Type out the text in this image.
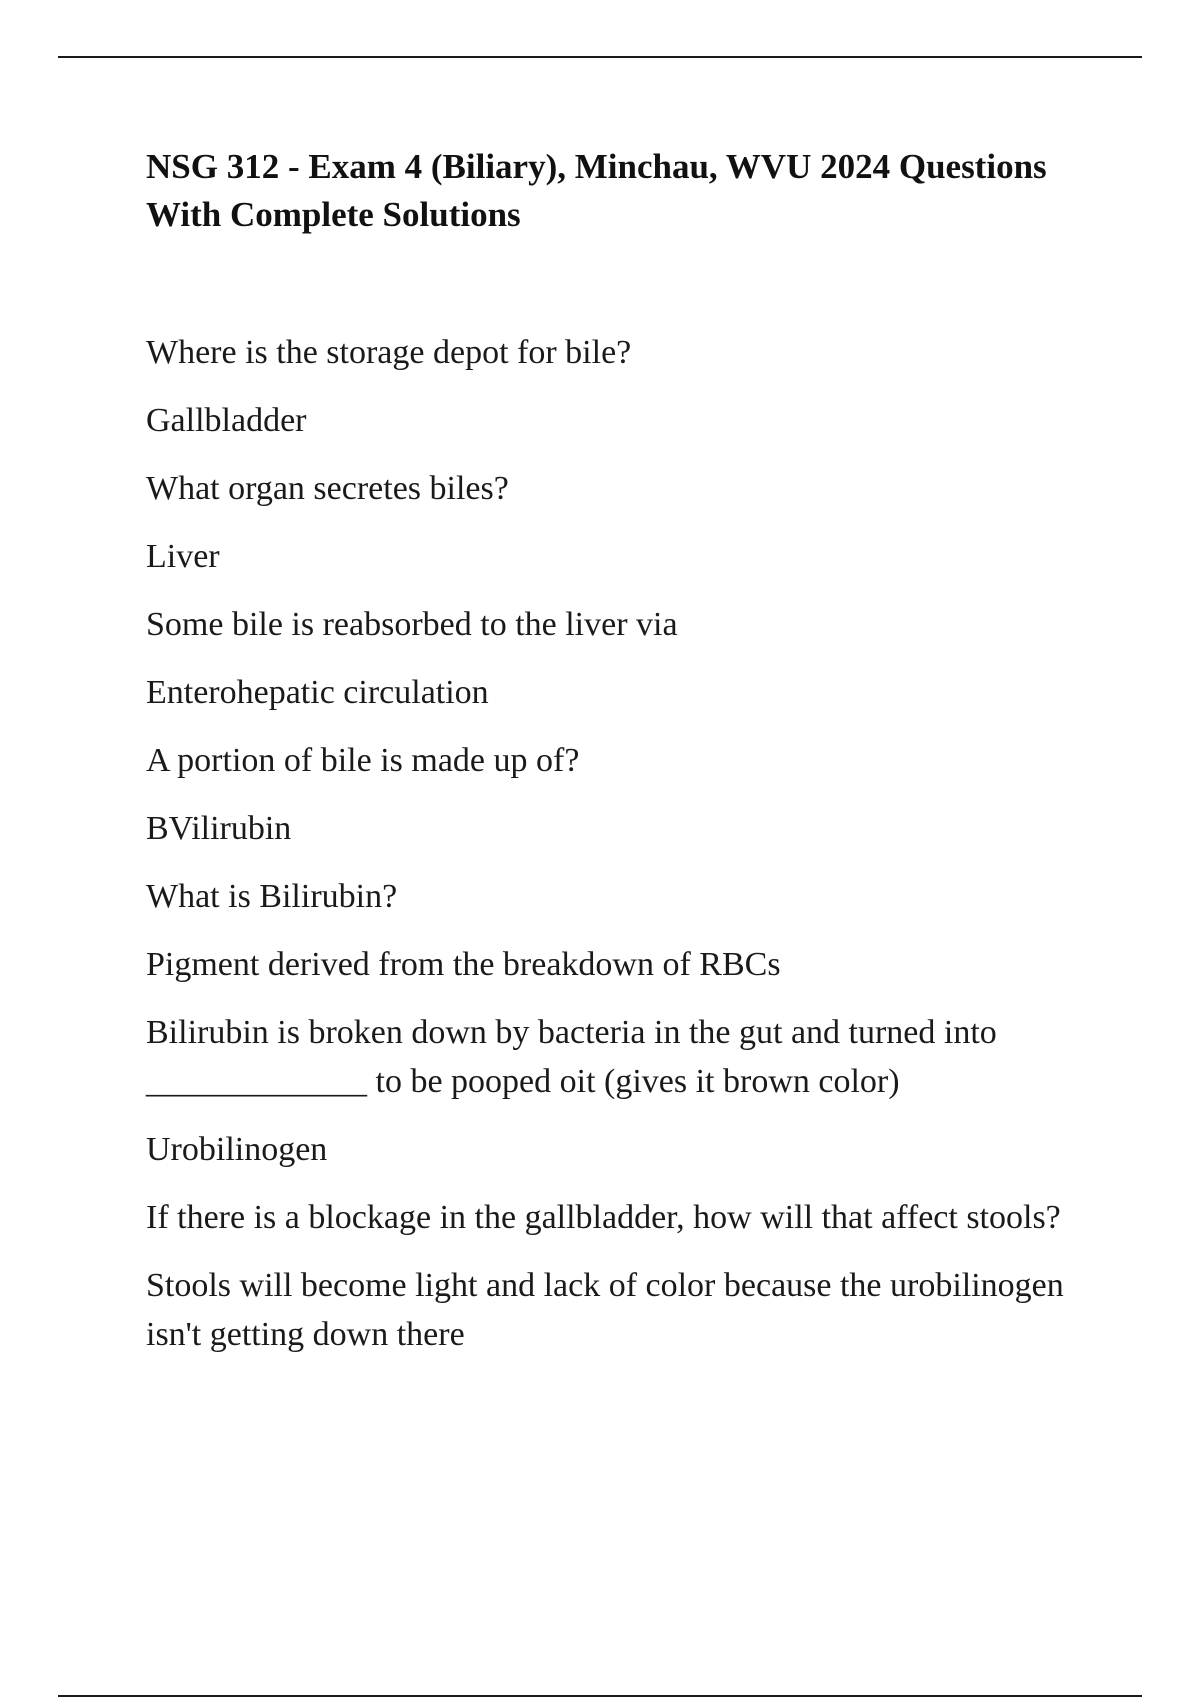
NSG 312 - Exam 4 (Biliary), Minchau, WVU 2024 Questions With Complete Solutions

Where is the storage depot for bile?

Gallbladder

What organ secretes biles?

Liver

Some bile is reabsorbed to the liver via

Enterohepatic circulation

A portion of bile is made up of?

BVilirubin

What is Bilirubin?

Pigment derived from the breakdown of RBCs

Bilirubin is broken down by bacteria in the gut and turned into _____________ to be pooped oit (gives it brown color)

Urobilinogen

If there is a blockage in the gallbladder, how will that affect stools?

Stools will become light and lack of color because the urobilinogen isn't getting down there
